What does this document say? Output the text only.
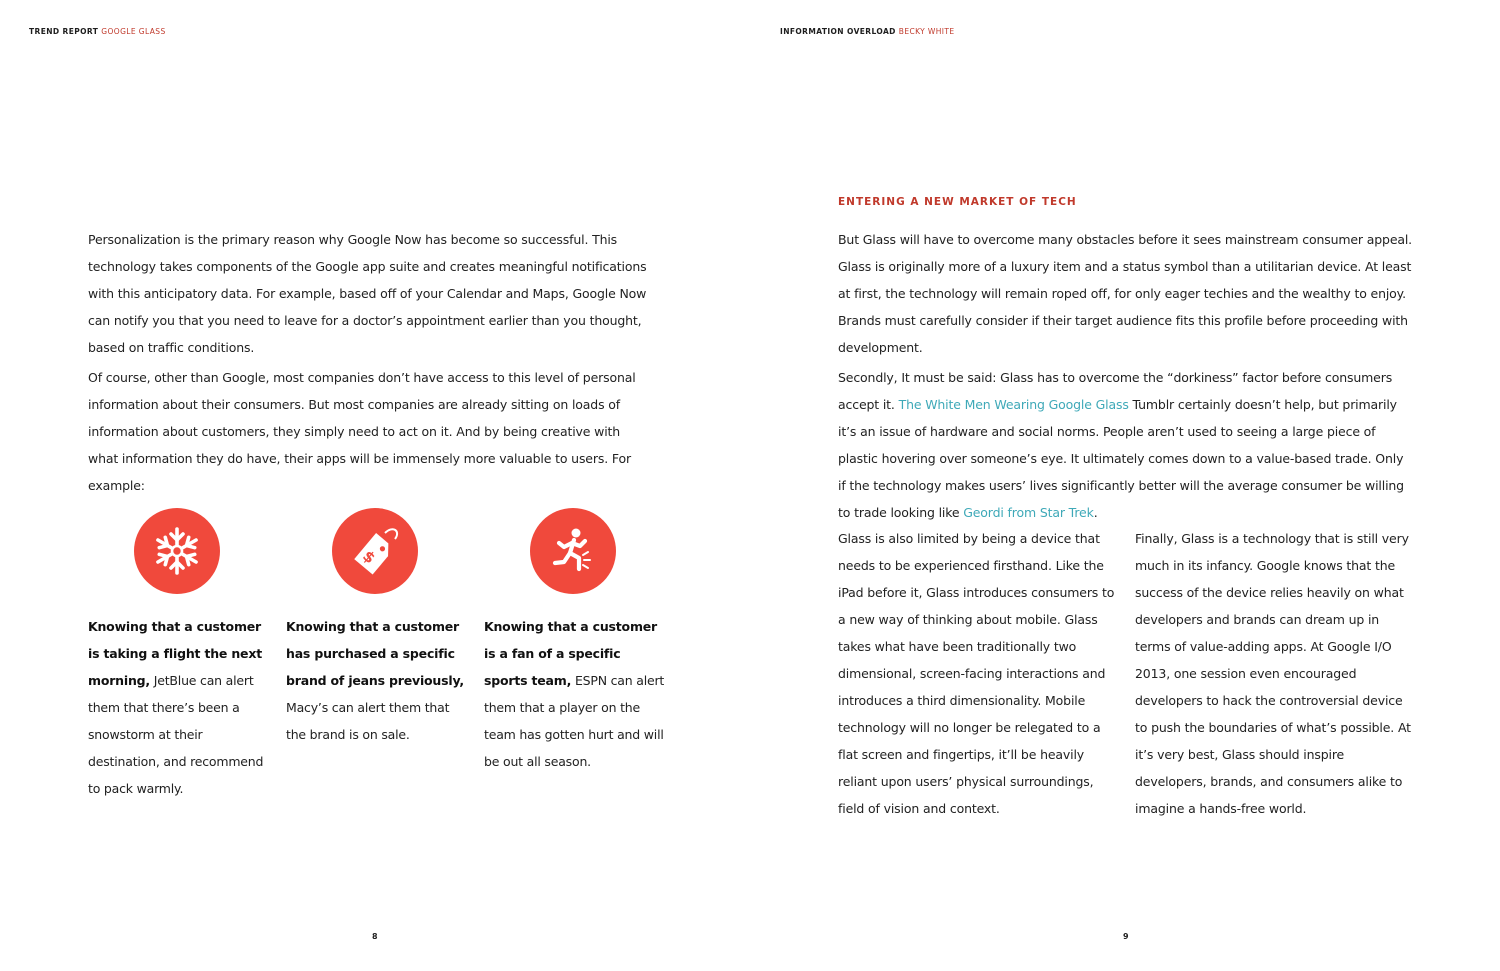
TREND REPORT GOOGLE GLASS

Personalization is the primary reason why Google Now has become so successful. This technology takes components of the Google app suite and creates meaningful notifications with this anticipatory data. For example, based off of your Calendar and Maps, Google Now can notify you that you need to leave for a doctor’s appointment earlier than you thought, based on traffic conditions.

Of course, other than Google, most companies don’t have access to this level of personal information about their consumers. But most companies are already sitting on loads of information about customers, they simply need to act on it. And by being creative with what information they do have, their apps will be immensely more valuable to users. For example:

$

Knowing that a customer is taking a flight the next morning, JetBlue can alert them that there’s been a snowstorm at their destination, and recommend to pack warmly.

Knowing that a customer has purchased a specific brand of jeans previously, Macy’s can alert them that the brand is on sale.

Knowing that a customer is a fan of a specific sports team, ESPN can alert them that a player on the team has gotten hurt and will be out all season.

8
INFORMATION OVERLOAD BECKY WHITE
ENTERING A NEW MARKET OF TECH

But Glass will have to overcome many obstacles before it sees mainstream consumer appeal. Glass is originally more of a luxury item and a status symbol than a utilitarian device. At least at first, the technology will remain roped off, for only eager techies and the wealthy to enjoy. Brands must carefully consider if their target audience fits this profile before proceeding with development.

Secondly, It must be said: Glass has to overcome the “dorkiness” factor before consumers accept it. The White Men Wearing Google Glass Tumblr certainly doesn’t help, but primarily it’s an issue of hardware and social norms. People aren’t used to seeing a large piece of plastic hovering over someone’s eye. It ultimately comes down to a value-based trade. Only if the technology makes users’ lives significantly better will the average consumer be willing to trade looking like Geordi from Star Trek.

Glass is also limited by being a device that needs to be experienced firsthand. Like the iPad before it, Glass introduces consumers to a new way of thinking about mobile. Glass takes what have been traditionally two dimensional, screen-facing interactions and introduces a third dimensionality. Mobile technology will no longer be relegated to a flat screen and fingertips, it’ll be heavily reliant upon users’ physical surroundings, field of vision and context.

Finally, Glass is a technology that is still very much in its infancy. Google knows that the success of the device relies heavily on what developers and brands can dream up in terms of value-adding apps. At Google I/O 2013, one session even encouraged developers to hack the controversial device to push the boundaries of what’s possible. At it’s very best, Glass should inspire developers, brands, and consumers alike to imagine a hands-free world.

9
